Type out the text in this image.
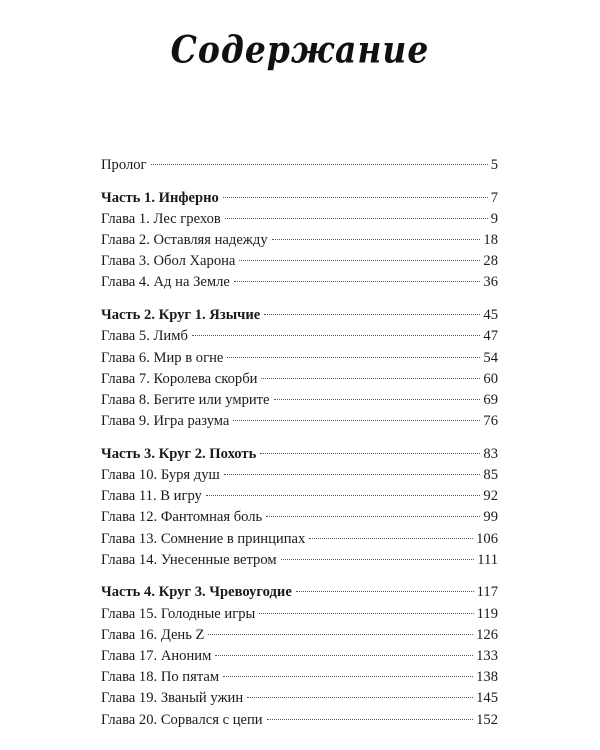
Содержание
Пролог	5
Часть 1. Инферно	7
Глава 1. Лес грехов	9
Глава 2. Оставляя надежду	18
Глава 3. Обол Харона	28
Глава 4. Ад на Земле	36
Часть 2. Круг 1. Язычие	45
Глава 5. Лимб	47
Глава 6. Мир в огне	54
Глава 7. Королева скорби	60
Глава 8. Бегите или умрите	69
Глава 9. Игра разума	76
Часть 3. Круг 2. Похоть	83
Глава 10. Буря душ	85
Глава 11. В игру	92
Глава 12. Фантомная боль	99
Глава 13. Сомнение в принципах	106
Глава 14. Унесенные ветром	111
Часть 4. Круг 3. Чревоугодие	117
Глава 15. Голодные игры	119
Глава 16. День Z	126
Глава 17. Аноним	133
Глава 18. По пятам	138
Глава 19. Званый ужин	145
Глава 20. Сорвался с цепи	152
